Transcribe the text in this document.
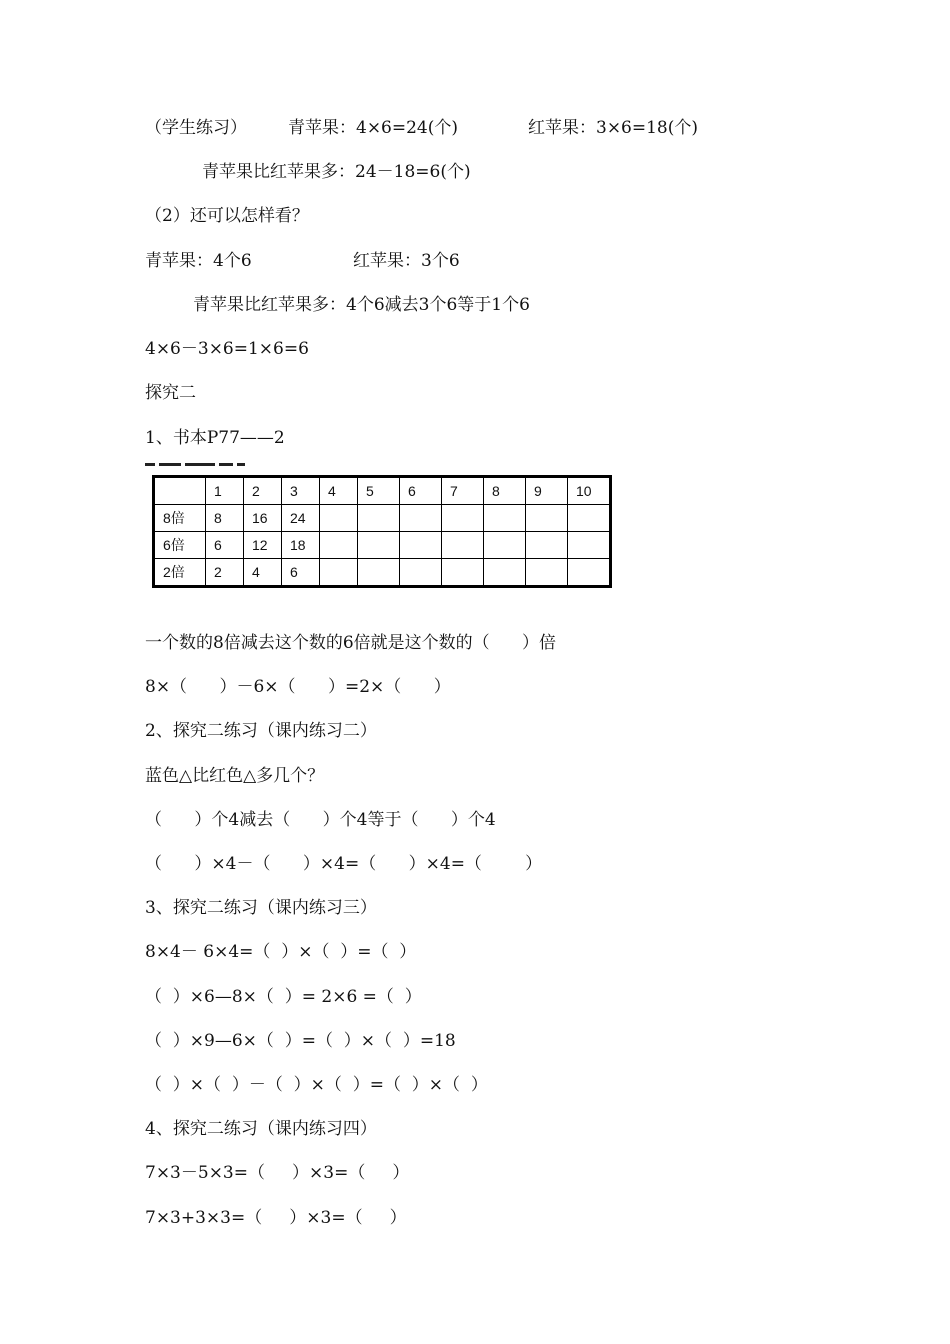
（学生练习） 青苹果：4×6=24(个)	红苹果：3×6=18(个)
青苹果比红苹果多：24－18=6(个)
（2）还可以怎样看？
青苹果：4个6	红苹果：3个6
青苹果比红苹果多：4个6减去3个6等于1个6
4×6－3×6=1×6=6
探究二
1、书本P77——2
	1	2	3	4	5	6	7	8	9	10
8倍	8	16	24							
6倍	6	12	18							
2倍	2	4	6							
一个数的8倍减去这个数的6倍就是这个数的（      ）倍
8×（      ）－6×（      ）=2×（      ）
2、探究二练习（课内练习二）
蓝色△比红色△多几个？
（      ）个4减去（      ）个4等于（      ）个4
（      ）×4－（      ）×4=（      ）×4=（        ）
3、探究二练习（课内练习三）
8×4－ 6×4=（  ）×（  ）=（  ）
（  ）×6—8×（  ）= 2×6 =（  ）
（  ）×9—6×（  ）=（  ）×（  ）=18
（  ）×（  ）－（  ）×（  ）=（  ）×（  ）
4、探究二练习（课内练习四）
7×3－5×3=（     ）×3=（     ）
7×3+3×3=（     ）×3=（     ）
